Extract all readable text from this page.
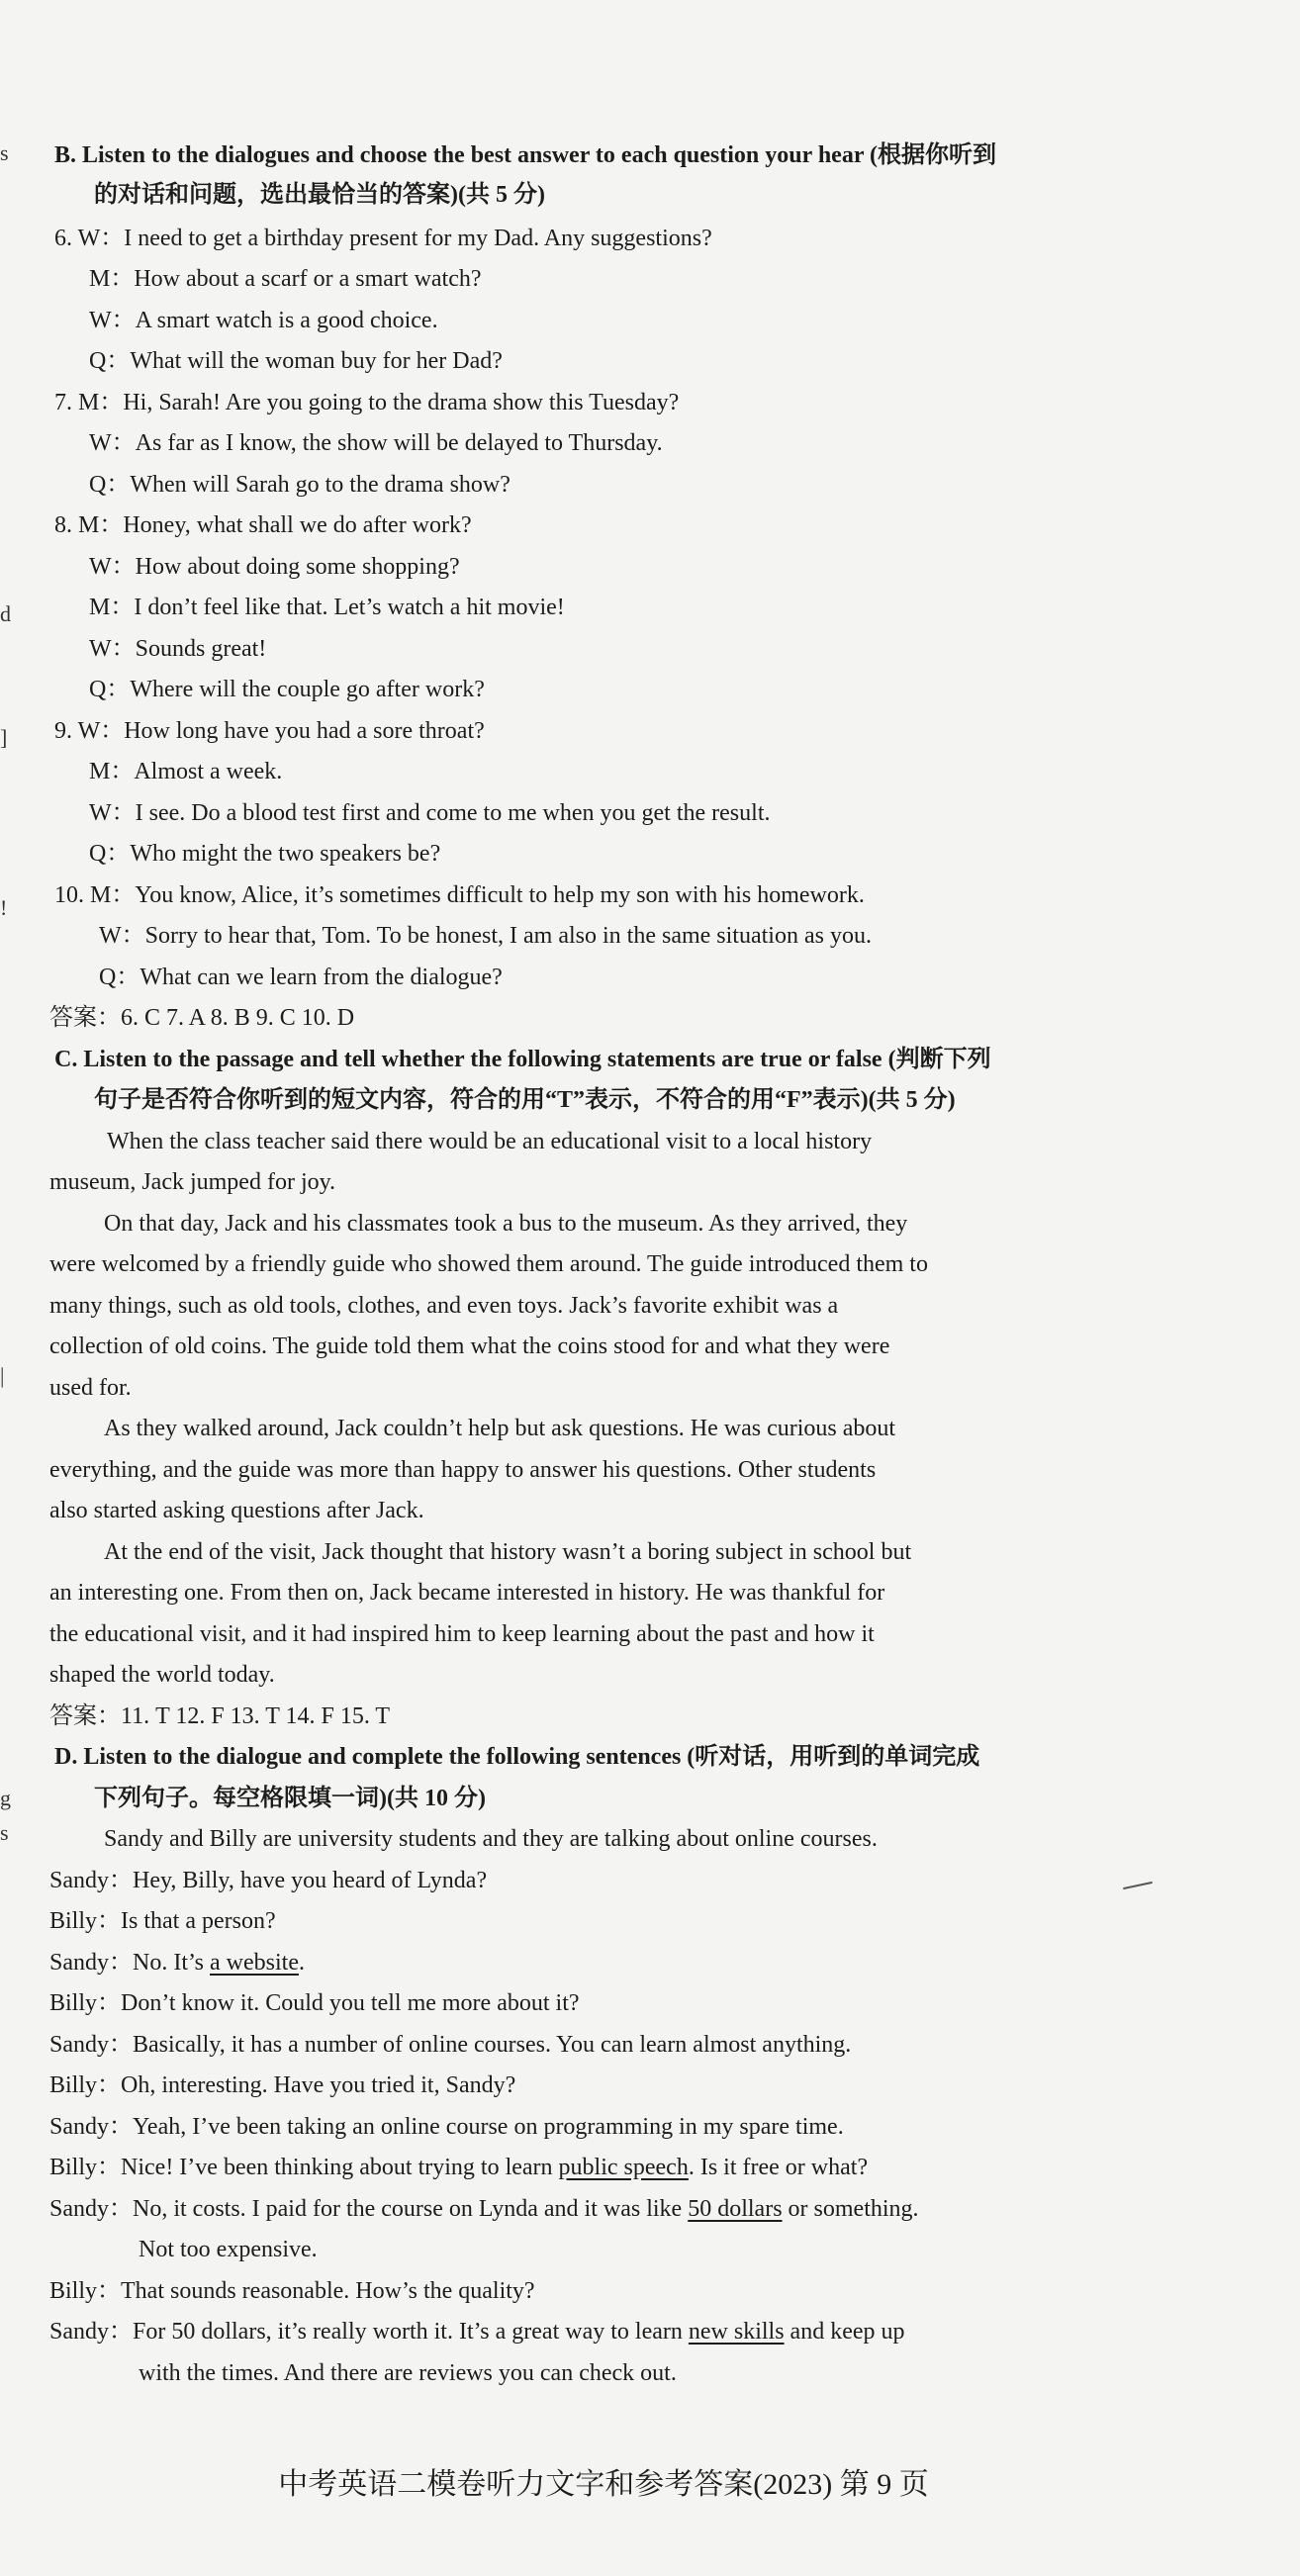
s
d
]
!
|
g
s
B. Listen to the dialogues and choose the best answer to each question your hear (根据你听到
的对话和问题，选出最恰当的答案)(共 5 分)
6. W：I need to get a birthday present for my Dad. Any suggestions?
M：How about a scarf or a smart watch?
W：A smart watch is a good choice.
Q：What will the woman buy for her Dad?
7. M：Hi, Sarah! Are you going to the drama show this Tuesday?
W：As far as I know, the show will be delayed to Thursday.
Q：When will Sarah go to the drama show?
8. M：Honey, what shall we do after work?
W：How about doing some shopping?
M：I don’t feel like that. Let’s watch a hit movie!
W：Sounds great!
Q：Where will the couple go after work?
9. W：How long have you had a sore throat?
M：Almost a week.
W：I see. Do a blood test first and come to me when you get the result.
Q：Who might the two speakers be?
10. M：You know, Alice, it’s sometimes difficult to help my son with his homework.
W：Sorry to hear that, Tom. To be honest, I am also in the same situation as you.
Q：What can we learn from the dialogue?
答案：6. C 7. A 8. B 9. C 10. D
C. Listen to the passage and tell whether the following statements are true or false (判断下列
句子是否符合你听到的短文内容，符合的用“T”表示，不符合的用“F”表示)(共 5 分)
When the class teacher said there would be an educational visit to a local history
museum, Jack jumped for joy.
On that day, Jack and his classmates took a bus to the museum. As they arrived, they
were welcomed by a friendly guide who showed them around. The guide introduced them to
many things, such as old tools, clothes, and even toys. Jack’s favorite exhibit was a
collection of old coins. The guide told them what the coins stood for and what they were
used for.
As they walked around, Jack couldn’t help but ask questions. He was curious about
everything, and the guide was more than happy to answer his questions. Other students
also started asking questions after Jack.
At the end of the visit, Jack thought that history wasn’t a boring subject in school but
an interesting one. From then on, Jack became interested in history. He was thankful for
the educational visit, and it had inspired him to keep learning about the past and how it
shaped the world today.
答案：11. T 12. F 13. T 14. F 15. T
D. Listen to the dialogue and complete the following sentences (听对话，用听到的单词完成
下列句子。每空格限填一词)(共 10 分)
Sandy and Billy are university students and they are talking about online courses.
Sandy：Hey, Billy, have you heard of Lynda?
Billy：Is that a person?
Sandy：No. It’s a website.
Billy：Don’t know it. Could you tell me more about it?
Sandy：Basically, it has a number of online courses. You can learn almost anything.
Billy：Oh, interesting. Have you tried it, Sandy?
Sandy：Yeah, I’ve been taking an online course on programming in my spare time.
Billy：Nice! I’ve been thinking about trying to learn public speech. Is it free or what?
Sandy：No, it costs. I paid for the course on Lynda and it was like 50 dollars or something.
Not too expensive.
Billy：That sounds reasonable. How’s the quality?
Sandy：For 50 dollars, it’s really worth it. It’s a great way to learn new skills and keep up
with the times. And there are reviews you can check out.
中考英语二模卷听力文字和参考答案(2023) 第 9 页
